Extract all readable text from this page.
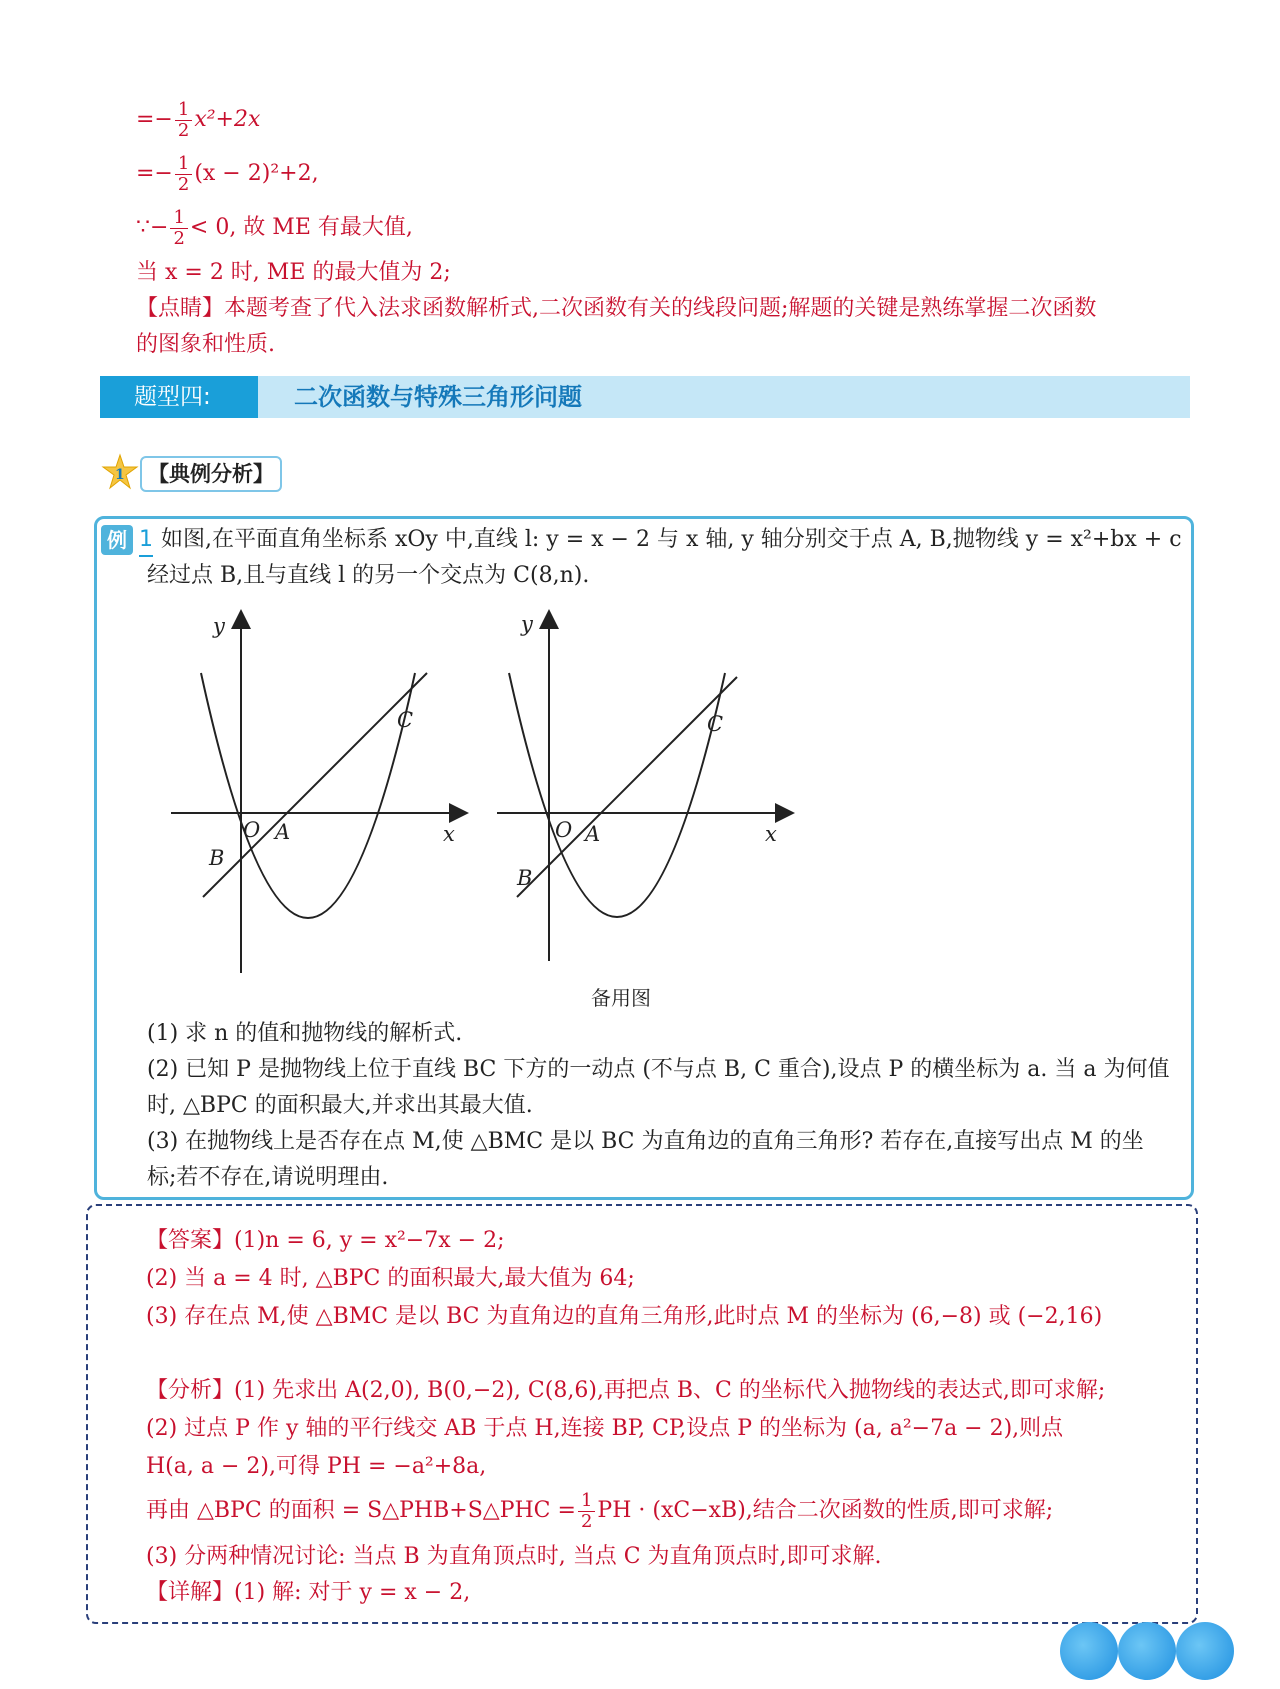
=− $\frac{1}{2} x^2+2x$
=− $\frac{1}{2} (x - 2)^2+2$,
∵− $\frac{1}{2} < 0$, 故 ME 有最大值,
当 x = 2 时, ME 的最大值为 2;
【点睛】本题考查了代入法求函数解析式,二次函数有关的线段问题;解题的关键是熟练掌握二次函数
的图象和性质.
题型四:	二次函数与特殊三角形问题
1	【典例分析】
例 1 如图,在平面直角坐标系 xOy 中,直线 l: y = x − 2 与 x 轴, y 轴分别交于点 A, B,抛物线 y = x²+bx + c
经过点 B,且与直线 l 的另一个交点为 C(8,n).
y
x
O A
B
C
y
x
O A
B
C
备用图
(1) 求 n 的值和抛物线的解析式.
(2) 已知 P 是抛物线上位于直线 BC 下方的一动点 (不与点 B, C 重合),设点 P 的横坐标为 a. 当 a 为何值
时, △BPC 的面积最大,并求出其最大值.
(3) 在抛物线上是否存在点 M,使 △BMC 是以 BC 为直角边的直角三角形? 若存在,直接写出点 M 的坐
标;若不存在,请说明理由.
【答案】(1)n = 6, y = x²−7x − 2;
(2) 当 a = 4 时, △BPC 的面积最大,最大值为 64;
(3) 存在点 M,使 △BMC 是以 BC 为直角边的直角三角形,此时点 M 的坐标为 (6,−8) 或 (−2,16)
【分析】(1) 先求出 A(2,0), B(0,−2), C(8,6),再把点 B、C 的坐标代入抛物线的表达式,即可求解;
(2) 过点 P 作 y 轴的平行线交 AB 于点 H,连接 BP, CP,设点 P 的坐标为 (a, a²−7a − 2),则点
H(a, a − 2),可得 PH = −a²+8a,
再由 △BPC 的面积 = S△PHB+S△PHC = $\frac{1}{2}$ PH · (xC−xB),结合二次函数的性质,即可求解;
(3) 分两种情况讨论: 当点 B 为直角顶点时, 当点 C 为直角顶点时,即可求解.
【详解】(1) 解: 对于 y = x − 2,
